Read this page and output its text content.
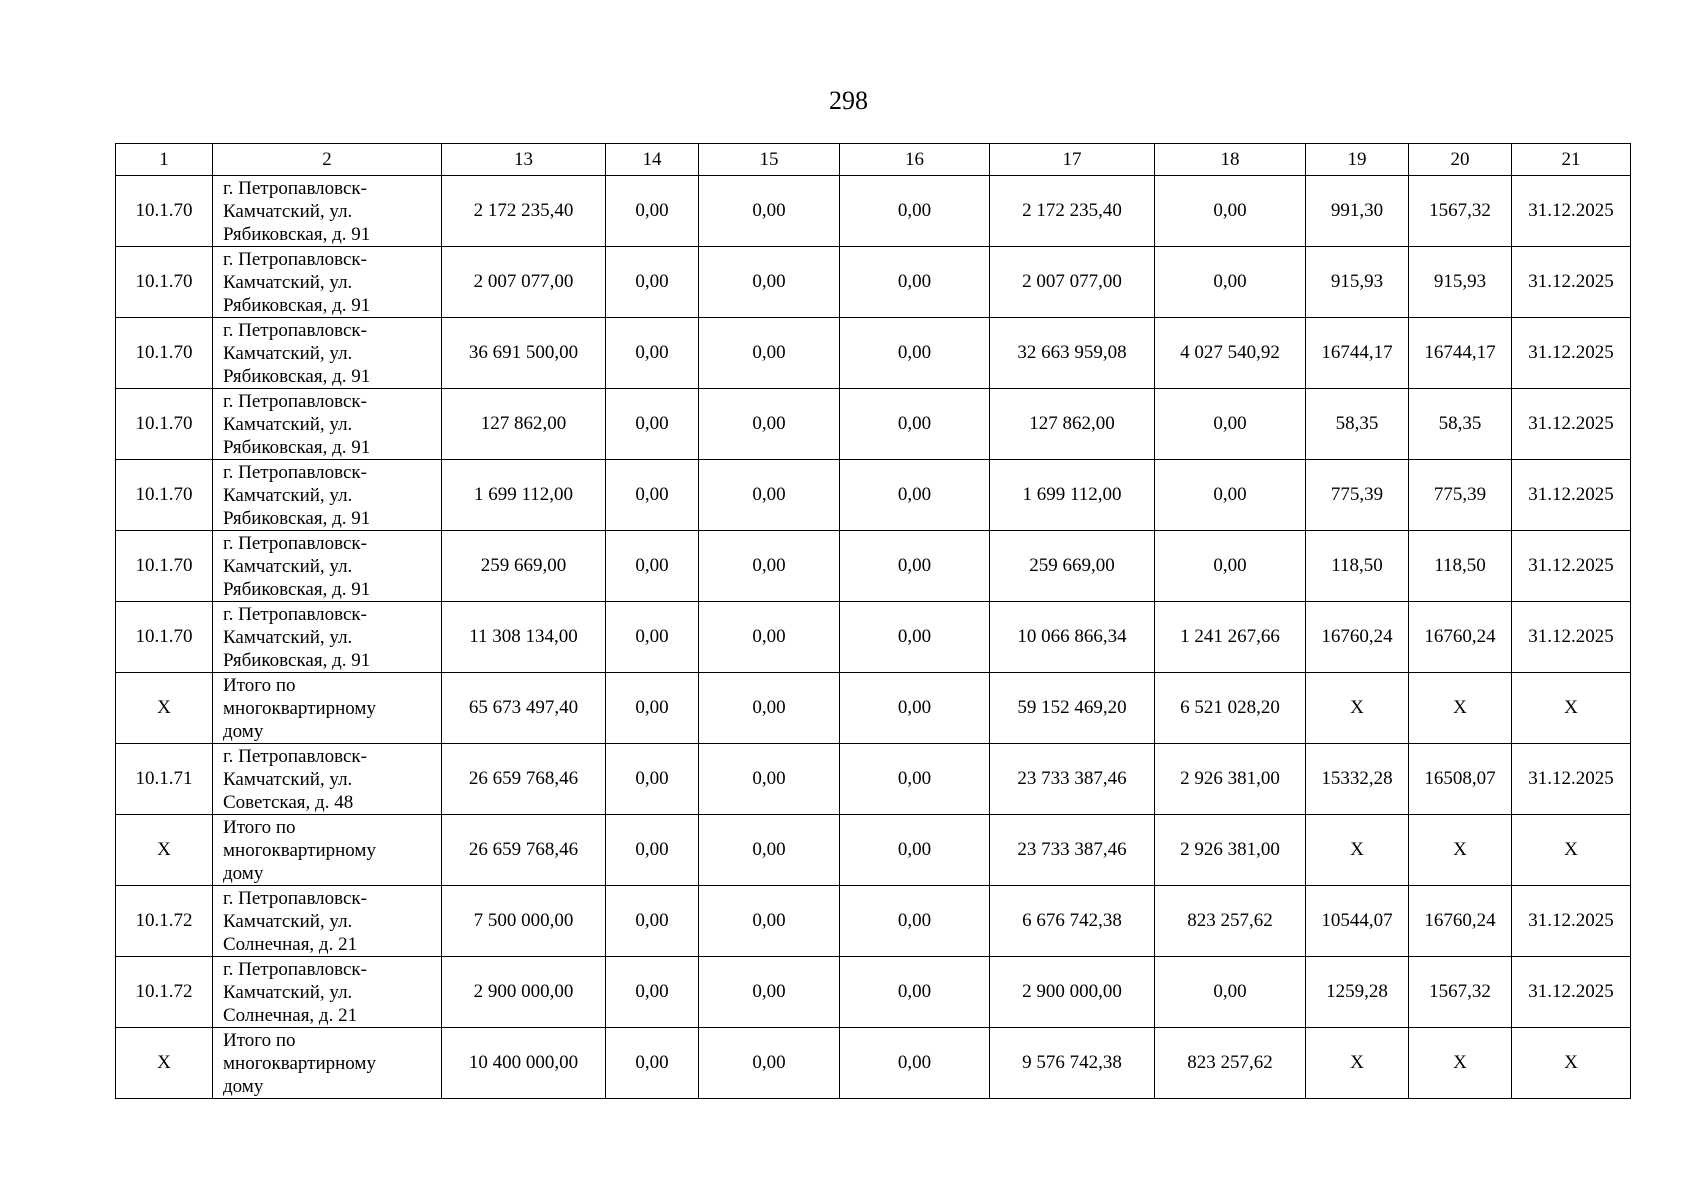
298
1	2	13	14	15	16	17	18	19	20	21
10.1.70	г. Петропавловск-
Камчатский, ул.
Рябиковская, д. 91	2 172 235,40	0,00	0,00	0,00	2 172 235,40	0,00	991,30	1567,32	31.12.2025
10.1.70	г. Петропавловск-
Камчатский, ул.
Рябиковская, д. 91	2 007 077,00	0,00	0,00	0,00	2 007 077,00	0,00	915,93	915,93	31.12.2025
10.1.70	г. Петропавловск-
Камчатский, ул.
Рябиковская, д. 91	36 691 500,00	0,00	0,00	0,00	32 663 959,08	4 027 540,92	16744,17	16744,17	31.12.2025
10.1.70	г. Петропавловск-
Камчатский, ул.
Рябиковская, д. 91	127 862,00	0,00	0,00	0,00	127 862,00	0,00	58,35	58,35	31.12.2025
10.1.70	г. Петропавловск-
Камчатский, ул.
Рябиковская, д. 91	1 699 112,00	0,00	0,00	0,00	1 699 112,00	0,00	775,39	775,39	31.12.2025
10.1.70	г. Петропавловск-
Камчатский, ул.
Рябиковская, д. 91	259 669,00	0,00	0,00	0,00	259 669,00	0,00	118,50	118,50	31.12.2025
10.1.70	г. Петропавловск-
Камчатский, ул.
Рябиковская, д. 91	11 308 134,00	0,00	0,00	0,00	10 066 866,34	1 241 267,66	16760,24	16760,24	31.12.2025
X	Итого по
многоквартирному
дому	65 673 497,40	0,00	0,00	0,00	59 152 469,20	6 521 028,20	X	X	X
10.1.71	г. Петропавловск-
Камчатский, ул.
Советская, д. 48	26 659 768,46	0,00	0,00	0,00	23 733 387,46	2 926 381,00	15332,28	16508,07	31.12.2025
X	Итого по
многоквартирному
дому	26 659 768,46	0,00	0,00	0,00	23 733 387,46	2 926 381,00	X	X	X
10.1.72	г. Петропавловск-
Камчатский, ул.
Солнечная, д. 21	7 500 000,00	0,00	0,00	0,00	6 676 742,38	823 257,62	10544,07	16760,24	31.12.2025
10.1.72	г. Петропавловск-
Камчатский, ул.
Солнечная, д. 21	2 900 000,00	0,00	0,00	0,00	2 900 000,00	0,00	1259,28	1567,32	31.12.2025
X	Итого по
многоквартирному
дому	10 400 000,00	0,00	0,00	0,00	9 576 742,38	823 257,62	X	X	X
